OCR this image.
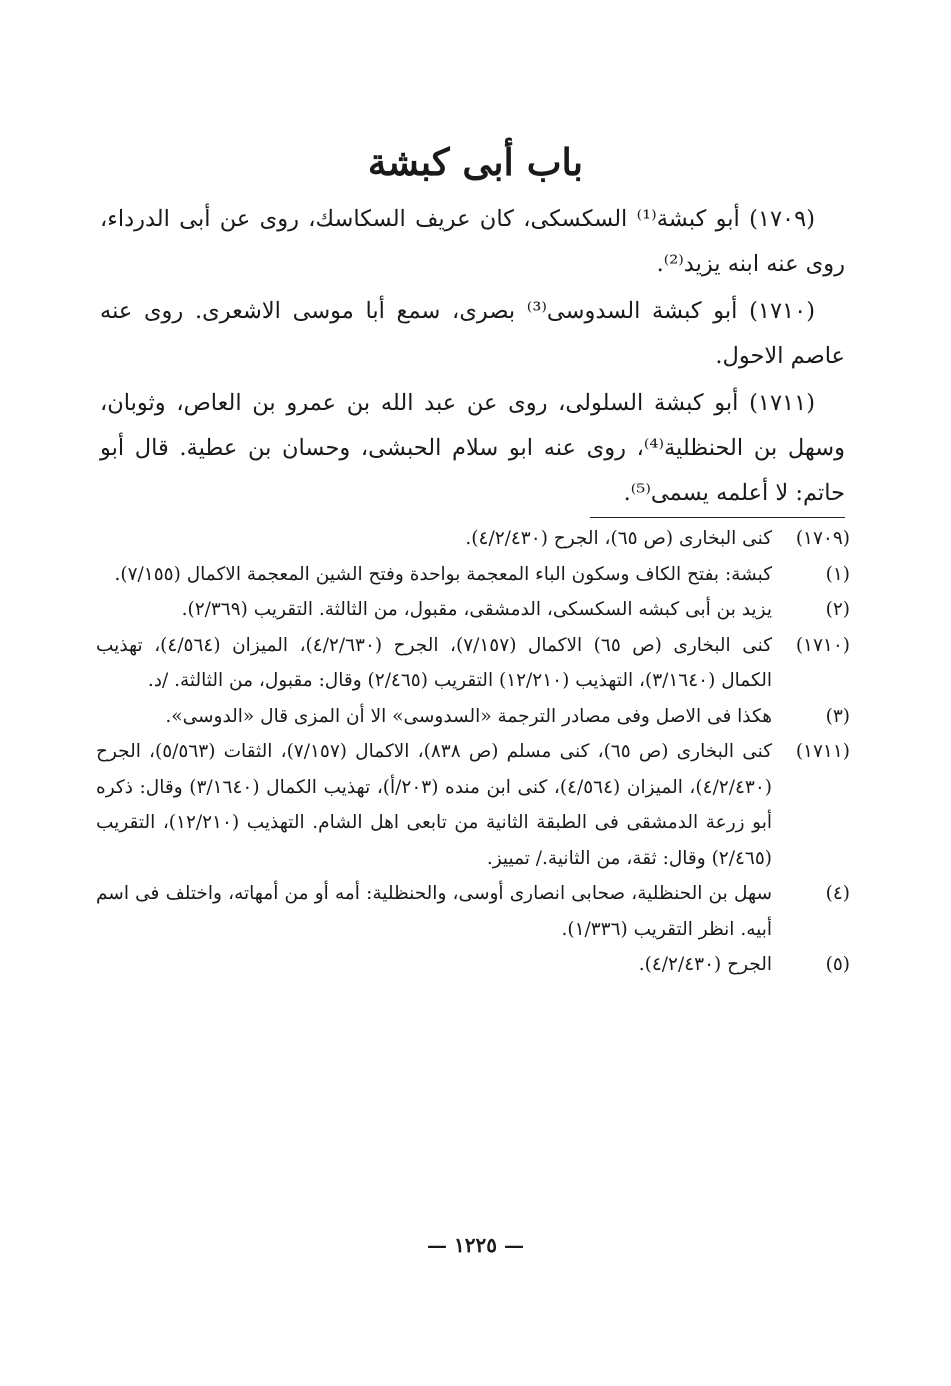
باب أبى كبشة

(١٧٠٩) أبو كبشة⁽¹⁾ السكسكى، كان عريف السكاسك، روى عن أبى الدرداء، روى عنه ابنه يزيد⁽²⁾.

(١٧١٠) أبو كبشة السدوسى⁽³⁾ بصرى، سمع أبا موسى الاشعرى. روى عنه عاصم الاحول.

(١٧١١) أبو كبشة السلولى، روى عن عبد الله بن عمرو بن العاص، وثوبان، وسهل بن الحنظلية⁽⁴⁾، روى عنه ابو سلام الحبشى، وحسان بن عطية. قال أبو حاتم: لا أعلمه يسمى⁽⁵⁾.

(١٧٠٩)
كنى البخارى (ص ٦٥)، الجرح (٤/٢/٤٣٠).
(١)
كبشة: بفتح الكاف وسكون الباء المعجمة بواحدة وفتح الشين المعجمة الاكمال (٧/١٥٥).
(٢)
يزيد بن أبى كبشه السكسكى، الدمشقى، مقبول، من الثالثة. التقريب (٢/٣٦٩).
(١٧١٠)
كنى البخارى (ص ٦٥) الاكمال (٧/١٥٧)، الجرح (٤/٢/٦٣٠)، الميزان (٤/٥٦٤)، تهذيب الكمال (٣/١٦٤٠)، التهذيب (١٢/٢١٠) التقريب (٢/٤٦٥) وقال: مقبول، من الثالثة. /د.
(٣)
هكذا فى الاصل وفى مصادر الترجمة «السدوسى» الا أن المزى قال «الدوسى».
(١٧١١)
كنى البخارى (ص ٦٥)، كنى مسلم (ص ٨٣٨)، الاكمال (٧/١٥٧)، الثقات (٥/٥٦٣)، الجرح (٤/٢/٤٣٠)، الميزان (٤/٥٦٤)، كنى ابن منده (٢٠٣/أ)، تهذيب الكمال (٣/١٦٤٠) وقال: ذكره أبو زرعة الدمشقى فى الطبقة الثانية من تابعى اهل الشام. التهذيب (١٢/٢١٠)، التقريب (٢/٤٦٥) وقال: ثقة، من الثانية./ تمييز.
(٤)
سهل بن الحنظلية، صحابى انصارى أوسى، والحنظلية: أمه أو من أمهاته، واختلف فى اسم أبيه. انظر التقريب (١/٣٣٦).
(٥)
الجرح (٤/٢/٤٣٠).
— ١٢٢٥ —
